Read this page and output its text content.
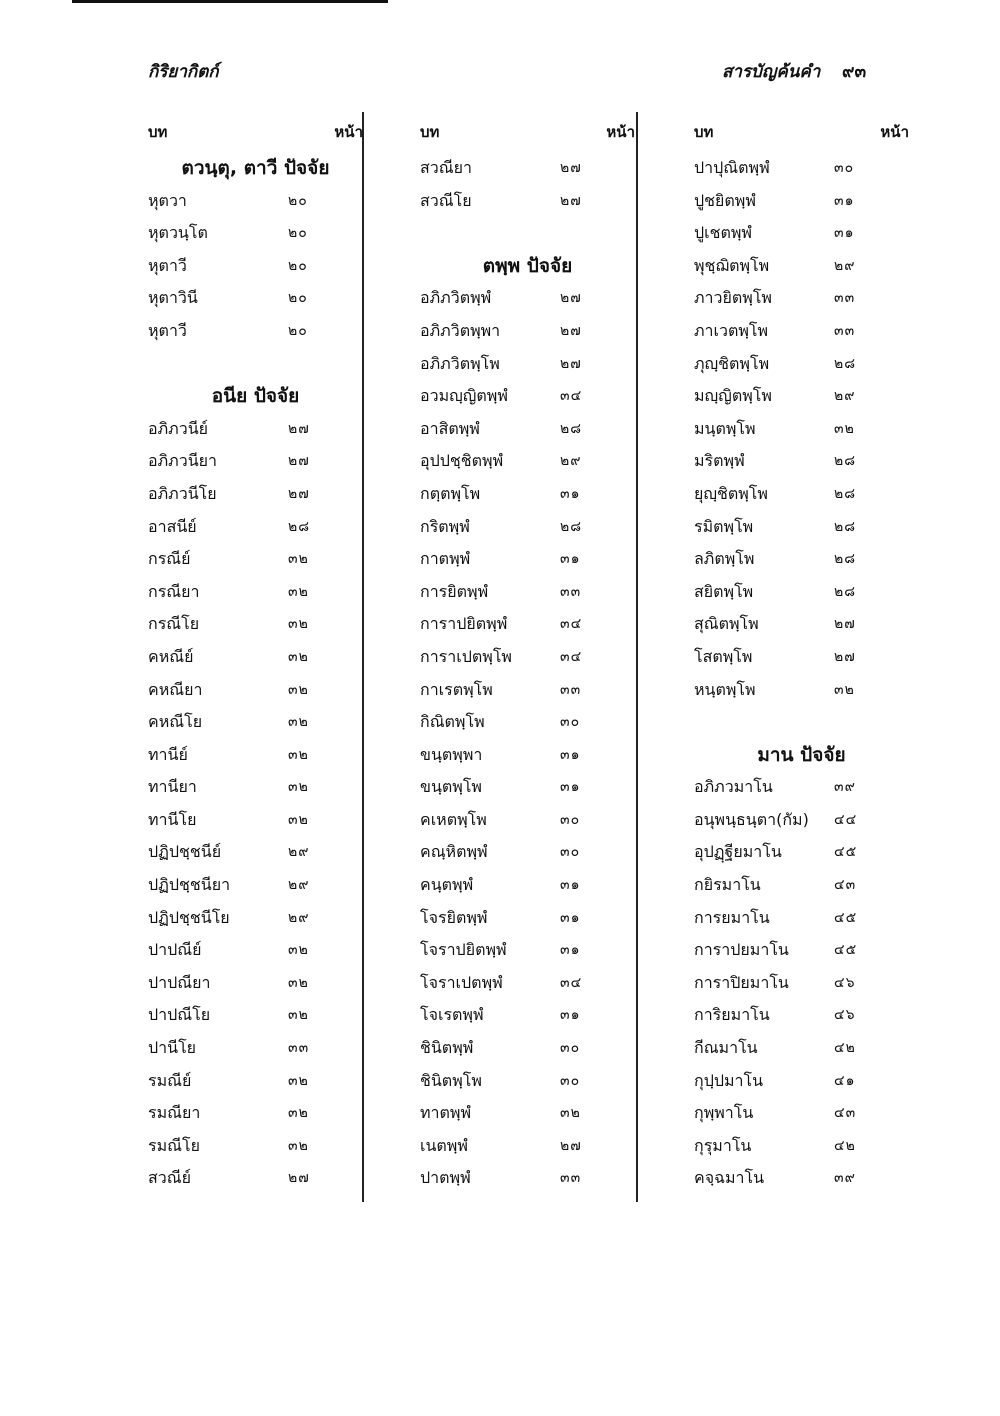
กิริยากิตก์	สารบัญค้นคำ ๙๓
บท	หน้า
ตวนฺตุ, ตาวี ปัจจัย
หุตวา	๒๐
หุตวนฺโต	๒๐
หุตาวี	๒๐
หุตาวินี	๒๐
หุตาวี	๒๐
อนีย ปัจจัย
อภิภวนีย์	๒๗
อภิภวนียา	๒๗
อภิภวนีโย	๒๗
อาสนีย์	๒๘
กรณีย์	๓๒
กรณียา	๓๒
กรณีโย	๓๒
คหณีย์	๓๒
คหณียา	๓๒
คหณีโย	๓๒
ทานีย์	๓๒
ทานียา	๓๒
ทานีโย	๓๒
ปฏิปชฺชนีย์	๒๙
ปฏิปชฺชนียา	๒๙
ปฏิปชฺชนีโย	๒๙
ปาปณีย์	๓๒
ปาปณียา	๓๒
ปาปณีโย	๓๒
ปานีโย	๓๓
รมณีย์	๓๒
รมณียา	๓๒
รมณีโย	๓๒
สวณีย์	๒๗
บท	หน้า
สวณียา	๒๗
สวณีโย	๒๗
ตพฺพ ปัจจัย
อภิภวิตพฺพํ	๒๗
อภิภวิตพฺพา	๒๗
อภิภวิตพฺโพ	๒๗
อวมญฺญิตพฺพํ	๓๔
อาสิตพฺพํ	๒๘
อุปปชฺชิตพฺพํ	๒๙
กตฺตพฺโพ	๓๑
กริตพฺพํ	๒๘
กาตพฺพํ	๓๑
การยิตพฺพํ	๓๓
การาปยิตพฺพํ	๓๔
การาเปตพฺโพ	๓๔
กาเรตพฺโพ	๓๓
กิณิตพฺโพ	๓๐
ขนฺตพฺพา	๓๑
ขนฺตพฺโพ	๓๑
คเหตพฺโพ	๓๐
คณฺหิตพฺพํ	๓๐
คนฺตพฺพํ	๓๑
โจรยิตพฺพํ	๓๑
โจราปยิตพฺพํ	๓๑
โจราเปตพฺพํ	๓๔
โจเรตพฺพํ	๓๑
ชินิตพฺพํ	๓๐
ชินิตพฺโพ	๓๐
ทาตพฺพํ	๓๒
เนตพฺพํ	๒๗
ปาตพฺพํ	๓๓
บท	หน้า
ปาปุณิตพฺพํ	๓๐
ปูชยิตพฺพํ	๓๑
ปูเชตพฺพํ	๓๑
พุชฺฌิตพฺโพ	๒๙
ภาวยิตพฺโพ	๓๓
ภาเวตพฺโพ	๓๓
ภุญฺชิตพฺโพ	๒๘
มญฺญิตพฺโพ	๒๙
มนฺตพฺโพ	๓๒
มริตพฺพํ	๒๘
ยุญฺชิตพฺโพ	๒๘
รมิตพฺโพ	๒๘
ลภิตพฺโพ	๒๘
สยิตพฺโพ	๒๘
สุณิตพฺโพ	๒๗
โสตพฺโพ	๒๗
หนฺตพฺโพ	๓๒
มาน ปัจจัย
อภิภวมาโน	๓๙
อนุพนฺธนฺตา(กัม) ๔๔
อุปฏฺฐียมาโน	๔๕
กยิรมาโน	๔๓
การยมาโน	๔๕
การาปยมาโน	๔๕
การาปิยมาโน	๔๖
การิยมาโน	๔๖
กีณมาโน	๔๒
กุปฺปมาโน	๔๑
กุพฺพาโน	๔๓
กุรุมาโน	๔๒
คจฺฉมาโน	๓๙
